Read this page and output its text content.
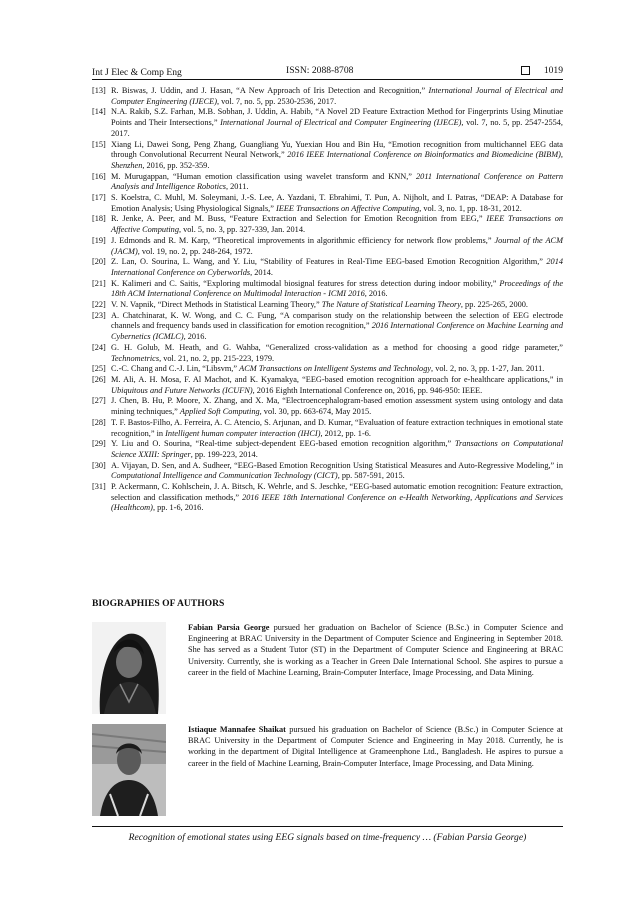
Int J Elec & Comp Eng	ISSN: 2088-8708	1019
[13] R. Biswas, J. Uddin, and J. Hasan, “A New Approach of Iris Detection and Recognition,” International Journal of Electrical and Computer Engineering (IJECE), vol. 7, no. 5, pp. 2530-2536, 2017.
[14] N.A. Rakib, S.Z. Farhan, M.B. Sobhan, J. Uddin, A. Habib, “A Novel 2D Feature Extraction Method for Fingerprints Using Minutiae Points and Their Intersections,” International Journal of Electrical and Computer Engineering (IJECE), vol. 7, no. 5, pp. 2547-2554, 2017.
[15] Xiang Li, Dawei Song, Peng Zhang, Guangliang Yu, Yuexian Hou and Bin Hu, “Emotion recognition from multichannel EEG data through Convolutional Recurrent Neural Network,” 2016 IEEE International Conference on Bioinformatics and Biomedicine (BIBM), Shenzhen, 2016, pp. 352-359.
[16] M. Murugappan, “Human emotion classification using wavelet transform and KNN,” 2011 International Conference on Pattern Analysis and Intelligence Robotics, 2011.
[17] S. Koelstra, C. Muhl, M. Soleymani, J.-S. Lee, A. Yazdani, T. Ebrahimi, T. Pun, A. Nijholt, and I. Patras, “DEAP: A Database for Emotion Analysis; Using Physiological Signals,” IEEE Transactions on Affective Computing, vol. 3, no. 1, pp. 18-31, 2012.
[18] R. Jenke, A. Peer, and M. Buss, “Feature Extraction and Selection for Emotion Recognition from EEG,” IEEE Transactions on Affective Computing, vol. 5, no. 3, pp. 327-339, Jan. 2014.
[19] J. Edmonds and R. M. Karp, “Theoretical improvements in algorithmic efficiency for network flow problems,” Journal of the ACM (JACM), vol. 19, no. 2, pp. 248-264, 1972.
[20] Z. Lan, O. Sourina, L. Wang, and Y. Liu, “Stability of Features in Real-Time EEG-based Emotion Recognition Algorithm,” 2014 International Conference on Cyberworlds, 2014.
[21] K. Kalimeri and C. Saitis, “Exploring multimodal biosignal features for stress detection during indoor mobility,” Proceedings of the 18th ACM International Conference on Multimodal Interaction - ICMI 2016, 2016.
[22] V. N. Vapnik, “Direct Methods in Statistical Learning Theory,” The Nature of Statistical Learning Theory, pp. 225-265, 2000.
[23] A. Chatchinarat, K. W. Wong, and C. C. Fung, “A comparison study on the relationship between the selection of EEG electrode channels and frequency bands used in classification for emotion recognition,” 2016 International Conference on Machine Learning and Cybernetics (ICMLC), 2016.
[24] G. H. Golub, M. Heath, and G. Wahba, “Generalized cross-validation as a method for choosing a good ridge parameter,” Technometrics, vol. 21, no. 2, pp. 215-223, 1979.
[25] C.-C. Chang and C.-J. Lin, “Libsvm,” ACM Transactions on Intelligent Systems and Technology, vol. 2, no. 3, pp. 1-27, Jan. 2011.
[26] M. Ali, A. H. Mosa, F. Al Machot, and K. Kyamakya, “EEG-based emotion recognition approach for e-healthcare applications,” in Ubiquitous and Future Networks (ICUFN), 2016 Eighth International Conference on, 2016, pp. 946-950: IEEE.
[27] J. Chen, B. Hu, P. Moore, X. Zhang, and X. Ma, “Electroencephalogram-based emotion assessment system using ontology and data mining techniques,” Applied Soft Computing, vol. 30, pp. 663-674, May 2015.
[28] T. F. Bastos-Filho, A. Ferreira, A. C. Atencio, S. Arjunan, and D. Kumar, “Evaluation of feature extraction techniques in emotional state recognition,” in Intelligent human computer interaction (IHCI), 2012, pp. 1-6.
[29] Y. Liu and O. Sourina, “Real-time subject-dependent EEG-based emotion recognition algorithm,” Transactions on Computational Science XXIII: Springer, pp. 199-223, 2014.
[30] A. Vijayan, D. Sen, and A. Sudheer, “EEG-Based Emotion Recognition Using Statistical Measures and Auto-Regressive Modeling,” in Computational Intelligence and Communication Technology (CICT), pp. 587-591, 2015.
[31] P. Ackermann, C. Kohlschein, J. A. Bitsch, K. Wehrle, and S. Jeschke, “EEG-based automatic emotion recognition: Feature extraction, selection and classification methods,” 2016 IEEE 18th International Conference on e-Health Networking, Applications and Services (Healthcom), pp. 1-6, 2016.
BIOGRAPHIES OF AUTHORS
Fabian Parsia George pursued her graduation on Bachelor of Science (B.Sc.) in Computer Science and Engineering at BRAC University in the Department of Computer Science and Engineering in September 2018. She has served as a Student Tutor (ST) in the Department of Computer Science and Engineering at BRAC University. Currently, she is working as a Teacher in Green Dale International School. She aspires to pursue a career in the field of Machine Learning, Brain-Computer Interface, Image Processing, and Data Mining.
Istiaque Mannafee Shaikat pursued his graduation on Bachelor of Science (B.Sc.) in Computer Science at BRAC University in the Department of Computer Science and Engineering in May 2018. Currently, he is working in the department of Digital Intelligence at Grameenphone Ltd., Bangladesh. He aspires to pursue a career in the field of Machine Learning, Brain-Computer Interface, Image Processing, and Data Mining.
Recognition of emotional states using EEG signals based on time-frequency … (Fabian Parsia George)
